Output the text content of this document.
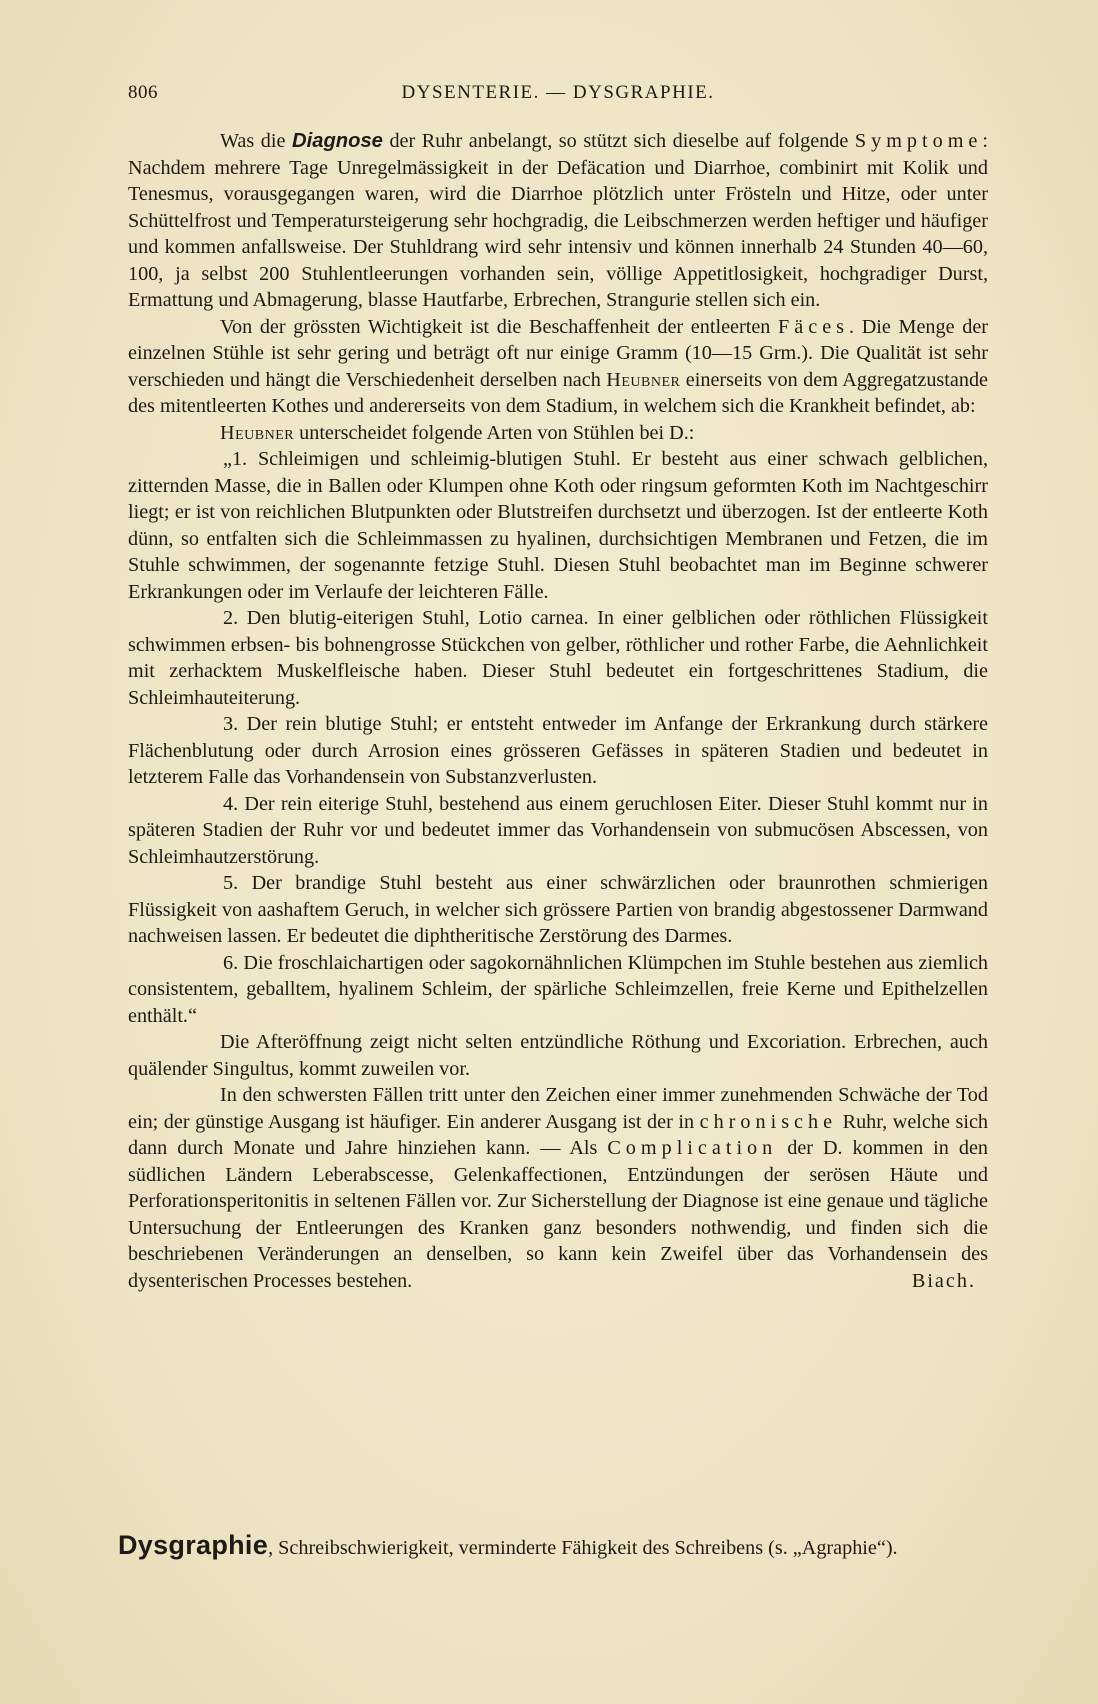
806	DYSENTERIE. — DYSGRAPHIE.

Was die Diagnose der Ruhr anbelangt, so stützt sich dieselbe auf folgende Symptome: Nachdem mehrere Tage Unregelmässigkeit in der Defäcation und Diarrhoe, combinirt mit Kolik und Tenesmus, vorausgegangen waren, wird die Diarrhoe plötzlich unter Frösteln und Hitze, oder unter Schüttelfrost und Temperatursteigerung sehr hochgradig, die Leibschmerzen werden heftiger und häufiger und kommen anfallsweise. Der Stuhldrang wird sehr intensiv und können innerhalb 24 Stunden 40—60, 100, ja selbst 200 Stuhlentleerungen vorhanden sein, völlige Appetitlosigkeit, hochgradiger Durst, Ermattung und Abmagerung, blasse Hautfarbe, Erbrechen, Strangurie stellen sich ein.

Von der grössten Wichtigkeit ist die Beschaffenheit der entleerten Fäces. Die Menge der einzelnen Stühle ist sehr gering und beträgt oft nur einige Gramm (10—15 Grm.). Die Qualität ist sehr verschieden und hängt die Verschiedenheit derselben nach Heubner einerseits von dem Aggregatzustande des mitentleerten Kothes und andererseits von dem Stadium, in welchem sich die Krankheit befindet, ab:

Heubner unterscheidet folgende Arten von Stühlen bei D.:

„1. Schleimigen und schleimig-blutigen Stuhl. Er besteht aus einer schwach gelblichen, zitternden Masse, die in Ballen oder Klumpen ohne Koth oder ringsum geformten Koth im Nachtgeschirr liegt; er ist von reichlichen Blutpunkten oder Blutstreifen durchsetzt und überzogen. Ist der entleerte Koth dünn, so entfalten sich die Schleimmassen zu hyalinen, durchsichtigen Membranen und Fetzen, die im Stuhle schwimmen, der sogenannte fetzige Stuhl. Diesen Stuhl beobachtet man im Beginne schwerer Erkrankungen oder im Verlaufe der leichteren Fälle.

2. Den blutig-eiterigen Stuhl, Lotio carnea. In einer gelblichen oder röthlichen Flüssigkeit schwimmen erbsen- bis bohnengrosse Stückchen von gelber, röthlicher und rother Farbe, die Aehnlichkeit mit zerhacktem Muskelfleische haben. Dieser Stuhl bedeutet ein fortgeschrittenes Stadium, die Schleimhauteiterung.

3. Der rein blutige Stuhl; er entsteht entweder im Anfange der Erkrankung durch stärkere Flächenblutung oder durch Arrosion eines grösseren Gefässes in späteren Stadien und bedeutet in letzterem Falle das Vorhandensein von Substanzverlusten.

4. Der rein eiterige Stuhl, bestehend aus einem geruchlosen Eiter. Dieser Stuhl kommt nur in späteren Stadien der Ruhr vor und bedeutet immer das Vorhandensein von submucösen Abscessen, von Schleimhautzerstörung.

5. Der brandige Stuhl besteht aus einer schwärzlichen oder braunrothen schmierigen Flüssigkeit von aashaftem Geruch, in welcher sich grössere Partien von brandig abgestossener Darmwand nachweisen lassen. Er bedeutet die diphtheritische Zerstörung des Darmes.

6. Die froschlaichartigen oder sagokornähnlichen Klümpchen im Stuhle bestehen aus ziemlich consistentem, geballtem, hyalinem Schleim, der spärliche Schleimzellen, freie Kerne und Epithelzellen enthält.“

Die Afteröffnung zeigt nicht selten entzündliche Röthung und Excoriation. Erbrechen, auch quälender Singultus, kommt zuweilen vor.

In den schwersten Fällen tritt unter den Zeichen einer immer zunehmenden Schwäche der Tod ein; der günstige Ausgang ist häufiger. Ein anderer Ausgang ist der in chronische Ruhr, welche sich dann durch Monate und Jahre hinziehen kann. — Als Complication der D. kommen in den südlichen Ländern Leberabscesse, Gelenkaffectionen, Entzündungen der serösen Häute und Perforationsperitonitis in seltenen Fällen vor. Zur Sicherstellung der Diagnose ist eine genaue und tägliche Untersuchung der Entleerungen des Kranken ganz besonders nothwendig, und finden sich die beschriebenen Veränderungen an denselben, so kann kein Zweifel über das Vorhandensein des dysenterischen Processes bestehen.	Biach.

Dysgraphie, Schreibschwierigkeit, verminderte Fähigkeit des Schreibens (s. „Agraphie“).
